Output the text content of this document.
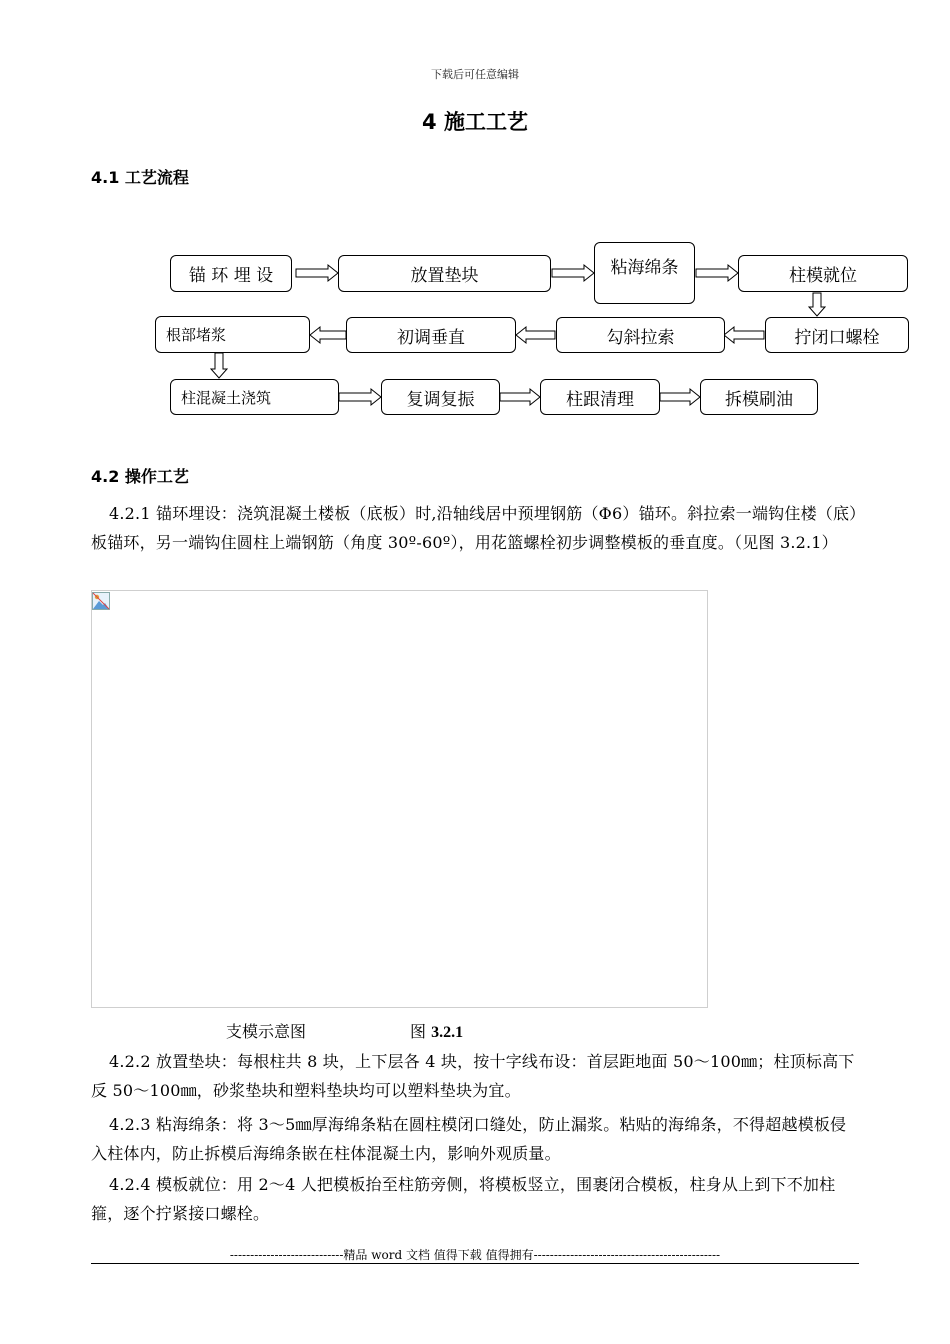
下载后可任意编辑
4 施工工艺
4.1 工艺流程
锚 环 埋 设	放置垫块	粘海绵条	柱模就位
拧闭口螺栓
勾斜拉索
初调垂直
根部堵浆
柱混凝土浇筑	复调复振	柱跟清理	拆模刷油
4.2 操作工艺
4.2.1 锚环埋设：浇筑混凝土楼板（底板）时,沿轴线居中预埋钢筋（Φ6）锚环。斜拉索一端钩住楼（底）板锚环，另一端钩住圆柱上端钢筋（角度 30º-60º），用花篮螺栓初步调整模板的垂直度。（见图 3.2.1）
支模示意图	图 3.2.1
4.2.2 放置垫块：每根柱共 8 块，上下层各 4 块，按十字线布设：首层距地面 50～100㎜；柱顶标高下反 50～100㎜，砂浆垫块和塑料垫块均可以塑料垫块为宜。
4.2.3 粘海绵条：将 3～5㎜厚海绵条粘在圆柱模闭口缝处，防止漏浆。粘贴的海绵条，不得超越模板侵入柱体内，防止拆模后海绵条嵌在柱体混凝土内，影响外观质量。
4.2.4 模板就位：用 2～4 人把模板抬至柱筋旁侧，将模板竖立，围裹闭合模板，柱身从上到下不加柱箍，逐个拧紧接口螺栓。
----------------------------精品 word 文档 值得下载 值得拥有----------------------------------------------
